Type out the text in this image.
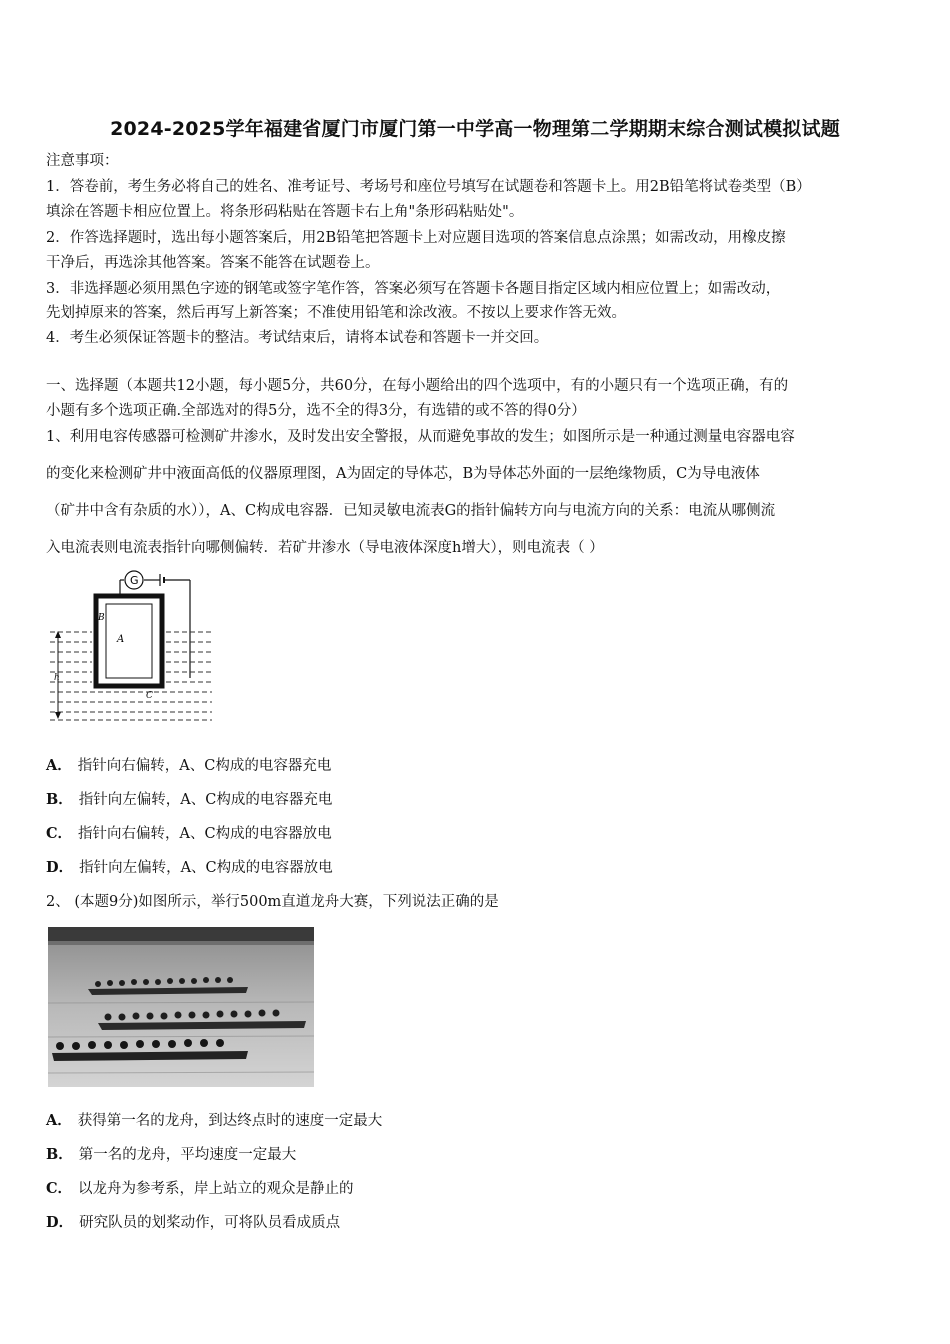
2024-2025学年福建省厦门市厦门第一中学高一物理第二学期期末综合测试模拟试题
注意事项：
1．答卷前，考生务必将自己的姓名、准考证号、考场号和座位号填写在试题卷和答题卡上。用2B铅笔将试卷类型（B）
填涂在答题卡相应位置上。将条形码粘贴在答题卡右上角"条形码粘贴处"。
2．作答选择题时，选出每小题答案后，用2B铅笔把答题卡上对应题目选项的答案信息点涂黑；如需改动，用橡皮擦
干净后，再选涂其他答案。答案不能答在试题卷上。
3．非选择题必须用黑色字迹的钢笔或签字笔作答，答案必须写在答题卡各题目指定区域内相应位置上；如需改动，
先划掉原来的答案，然后再写上新答案；不准使用铅笔和涂改液。不按以上要求作答无效。
4．考生必须保证答题卡的整洁。考试结束后，请将本试卷和答题卡一并交回。
一、选择题（本题共12小题，每小题5分，共60分，在每小题给出的四个选项中，有的小题只有一个选项正确，有的
小题有多个选项正确.全部选对的得5分，选不全的得3分，有选错的或不答的得0分）
1、利用电容传感器可检测矿井渗水，及时发出安全警报，从而避免事故的发生；如图所示是一种通过测量电容器电容
的变化来检测矿井中液面高低的仪器原理图，A为固定的导体芯，B为导体芯外面的一层绝缘物质，C为导电液体
（矿井中含有杂质的水）），A、C构成电容器．已知灵敏电流表G的指针偏转方向与电流方向的关系：电流从哪侧流
入电流表则电流表指针向哪侧偏转．若矿井渗水（导电液体深度h增大），则电流表（ ）
G
A
B
h
C
A． 指针向右偏转，A、C构成的电容器充电
B． 指针向左偏转，A、C构成的电容器充电
C． 指针向右偏转，A、C构成的电容器放电
D． 指针向左偏转，A、C构成的电容器放电
2、 (本题9分)如图所示，举行500m直道龙舟大赛，下列说法正确的是
A． 获得第一名的龙舟，到达终点时的速度一定最大
B． 第一名的龙舟，平均速度一定最大
C． 以龙舟为参考系，岸上站立的观众是静止的
D． 研究队员的划桨动作，可将队员看成质点
